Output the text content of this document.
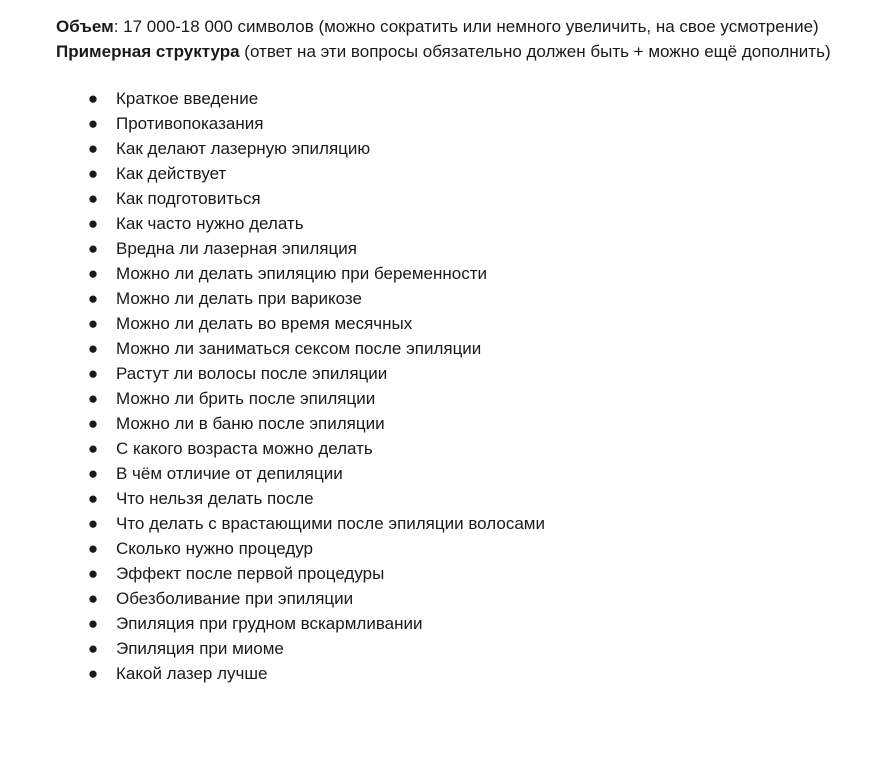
Объем: 17 000-18 000 символов (можно сократить или немного увеличить, на свое усмотрение)

Примерная структура (ответ на эти вопросы обязательно должен быть + можно ещё дополнить)

● Краткое введение
● Противопоказания
● Как делают лазерную эпиляцию
● Как действует
● Как подготовиться
● Как часто нужно делать
● Вредна ли лазерная эпиляция
● Можно ли делать эпиляцию при беременности
● Можно ли делать при варикозе
● Можно ли делать во время месячных
● Можно ли заниматься сексом после эпиляции
● Растут ли волосы после эпиляции
● Можно ли брить после эпиляции
● Можно ли в баню после эпиляции
● С какого возраста можно делать
● В чём отличие от депиляции
● Что нельзя делать после
● Что делать с врастающими после эпиляции волосами
● Сколько нужно процедур
● Эффект после первой процедуры
● Обезболивание при эпиляции
● Эпиляция при грудном вскармливании
● Эпиляция при миоме
● Какой лазер лучше
